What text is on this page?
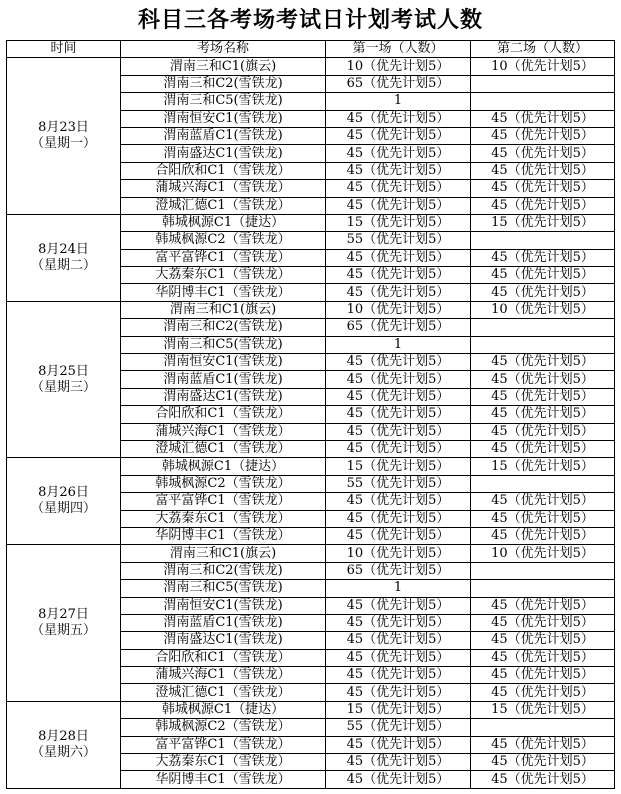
科目三各考场考试日计划考试人数
时间	考场名称	第一场（人数）	第二场（人数）

8月23日
（星期一）	渭南三和C1(旗云)	10（优先计划5）	10（优先计划5）
	渭南三和C2(雪铁龙)	65（优先计划5）	
	渭南三和C5(雪铁龙)	1	
	渭南恒安C1(雪铁龙)	45（优先计划5）	45（优先计划5）
	渭南蓝盾C1(雪铁龙)	45（优先计划5）	45（优先计划5）
	渭南盛达C1(雪铁龙)	45（优先计划5）	45（优先计划5）
	合阳欣和C1（雪铁龙）	45（优先计划5）	45（优先计划5）
	蒲城兴海C1（雪铁龙）	45（优先计划5）	45（优先计划5）
	澄城汇德C1（雪铁龙）	45（优先计划5）	45（优先计划5）

8月24日
（星期二）	韩城枫源C1（捷达）	15（优先计划5）	15（优先计划5）
	韩城枫源C2（雪铁龙）	55（优先计划5）	
	富平富铧C1（雪铁龙）	45（优先计划5）	45（优先计划5）
	大荔秦东C1（雪铁龙）	45（优先计划5）	45（优先计划5）
	华阴博丰C1（雪铁龙）	45（优先计划5）	45（优先计划5）

8月25日
（星期三）	渭南三和C1(旗云)	10（优先计划5）	10（优先计划5）
	渭南三和C2(雪铁龙)	65（优先计划5）	
	渭南三和C5(雪铁龙)	1	
	渭南恒安C1(雪铁龙)	45（优先计划5）	45（优先计划5）
	渭南蓝盾C1(雪铁龙)	45（优先计划5）	45（优先计划5）
	渭南盛达C1(雪铁龙)	45（优先计划5）	45（优先计划5）
	合阳欣和C1（雪铁龙）	45（优先计划5）	45（优先计划5）
	蒲城兴海C1（雪铁龙）	45（优先计划5）	45（优先计划5）
	澄城汇德C1（雪铁龙）	45（优先计划5）	45（优先计划5）

8月26日
（星期四）	韩城枫源C1（捷达）	15（优先计划5）	15（优先计划5）
	韩城枫源C2（雪铁龙）	55（优先计划5）	
	富平富铧C1（雪铁龙）	45（优先计划5）	45（优先计划5）
	大荔秦东C1（雪铁龙）	45（优先计划5）	45（优先计划5）
	华阴博丰C1（雪铁龙）	45（优先计划5）	45（优先计划5）

8月27日
（星期五）	渭南三和C1(旗云)	10（优先计划5）	10（优先计划5）
	渭南三和C2(雪铁龙)	65（优先计划5）	
	渭南三和C5(雪铁龙)	1	
	渭南恒安C1(雪铁龙)	45（优先计划5）	45（优先计划5）
	渭南蓝盾C1(雪铁龙)	45（优先计划5）	45（优先计划5）
	渭南盛达C1(雪铁龙)	45（优先计划5）	45（优先计划5）
	合阳欣和C1（雪铁龙）	45（优先计划5）	45（优先计划5）
	蒲城兴海C1（雪铁龙）	45（优先计划5）	45（优先计划5）
	澄城汇德C1（雪铁龙）	45（优先计划5）	45（优先计划5）

8月28日
（星期六）	韩城枫源C1（捷达）	15（优先计划5）	15（优先计划5）
	韩城枫源C2（雪铁龙）	55（优先计划5）	
	富平富铧C1（雪铁龙）	45（优先计划5）	45（优先计划5）
	大荔秦东C1（雪铁龙）	45（优先计划5）	45（优先计划5）
	华阴博丰C1（雪铁龙）	45（优先计划5）	45（优先计划5）
